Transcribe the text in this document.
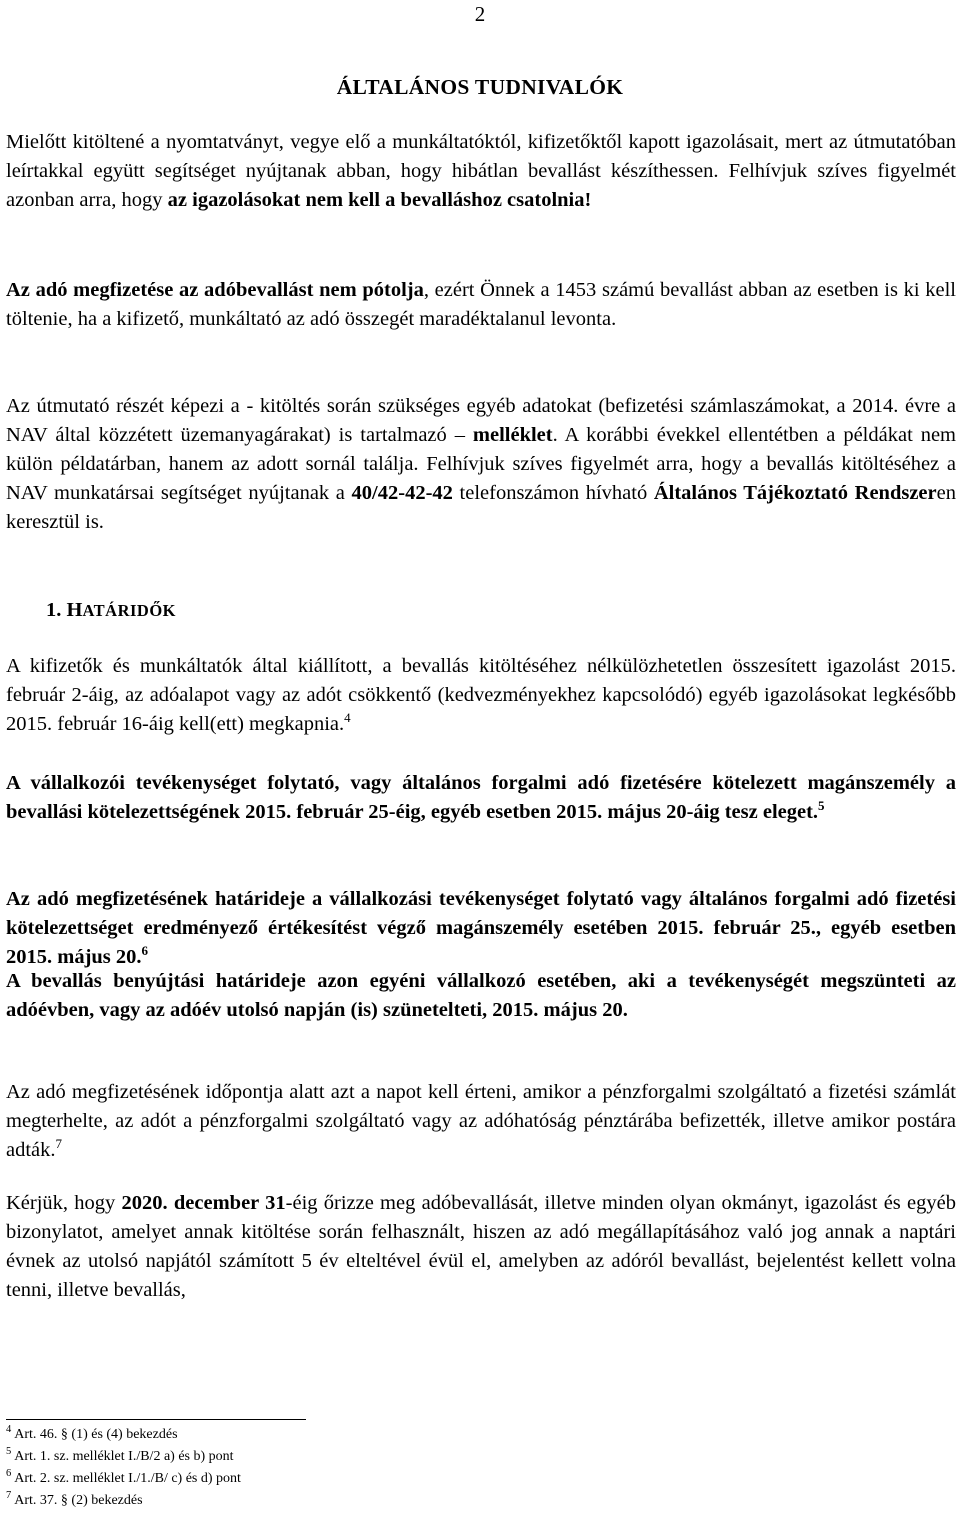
2
ÁLTALÁNOS TUDNIVALÓK

Mielőtt kitöltené a nyomtatványt, vegye elő a munkáltatóktól, kifizetőktől kapott igazolásait, mert az útmutatóban leírtakkal együtt segítséget nyújtanak abban, hogy hibátlan bevallást készíthessen. Felhívjuk szíves figyelmét azonban arra, hogy az igazolásokat nem kell a bevalláshoz csatolnia!

Az adó megfizetése az adóbevallást nem pótolja, ezért Önnek a 1453 számú bevallást abban az esetben is ki kell töltenie, ha a kifizető, munkáltató az adó összegét maradéktalanul levonta.

Az útmutató részét képezi a - kitöltés során szükséges egyéb adatokat (befizetési számlaszámokat, a 2014. évre a NAV által közzétett üzemanyagárakat) is tartalmazó – melléklet. A korábbi évekkel ellentétben a példákat nem külön példatárban, hanem az adott sornál találja. Felhívjuk szíves figyelmét arra, hogy a bevallás kitöltéséhez a NAV munkatársai segítséget nyújtanak a 40/42-42-42 telefonszámon hívható Általános Tájékoztató Rendszeren keresztül is.

1. HATÁRIDŐK

A kifizetők és munkáltatók által kiállított, a bevallás kitöltéséhez nélkülözhetetlen összesített igazolást 2015. február 2-áig, az adóalapot vagy az adót csökkentő (kedvezményekhez kapcsolódó) egyéb igazolásokat legkésőbb 2015. február 16-áig kell(ett) megkapnia.$^4$

A vállalkozói tevékenységet folytató, vagy általános forgalmi adó fizetésére kötelezett magánszemély a bevallási kötelezettségének 2015. február 25-éig, egyéb esetben 2015. május 20-áig tesz eleget.$^5$

Az adó megfizetésének határideje a vállalkozási tevékenységet folytató vagy általános forgalmi adó fizetési kötelezettséget eredményező értékesítést végző magánszemély esetében 2015. február 25., egyéb esetben 2015. május 20.$^6$

A bevallás benyújtási határideje azon egyéni vállalkozó esetében, aki a tevékenységét megszünteti az adóévben, vagy az adóév utolsó napján (is) szünetelteti, 2015. május 20.

Az adó megfizetésének időpontja alatt azt a napot kell érteni, amikor a pénzforgalmi szolgáltató a fizetési számlát megterhelte, az adót a pénzforgalmi szolgáltató vagy az adóhatóság pénztárába befizették, illetve amikor postára adták.$^7$

Kérjük, hogy 2020. december 31-éig őrizze meg adóbevallását, illetve minden olyan okmányt, igazolást és egyéb bizonylatot, amelyet annak kitöltése során felhasznált, hiszen az adó megállapításához való jog annak a naptári évnek az utolsó napjától számított 5 év elteltével évül el, amelyben az adóról bevallást, bejelentést kellett volna tenni, illetve bevallás,

$^4$ Art. 46. § (1) és (4) bekezdés
$^5$ Art. 1. sz. melléklet I./B/2 a) és b) pont
$^6$ Art. 2. sz. melléklet I./1./B/ c) és d) pont
$^7$ Art. 37. § (2) bekezdés
